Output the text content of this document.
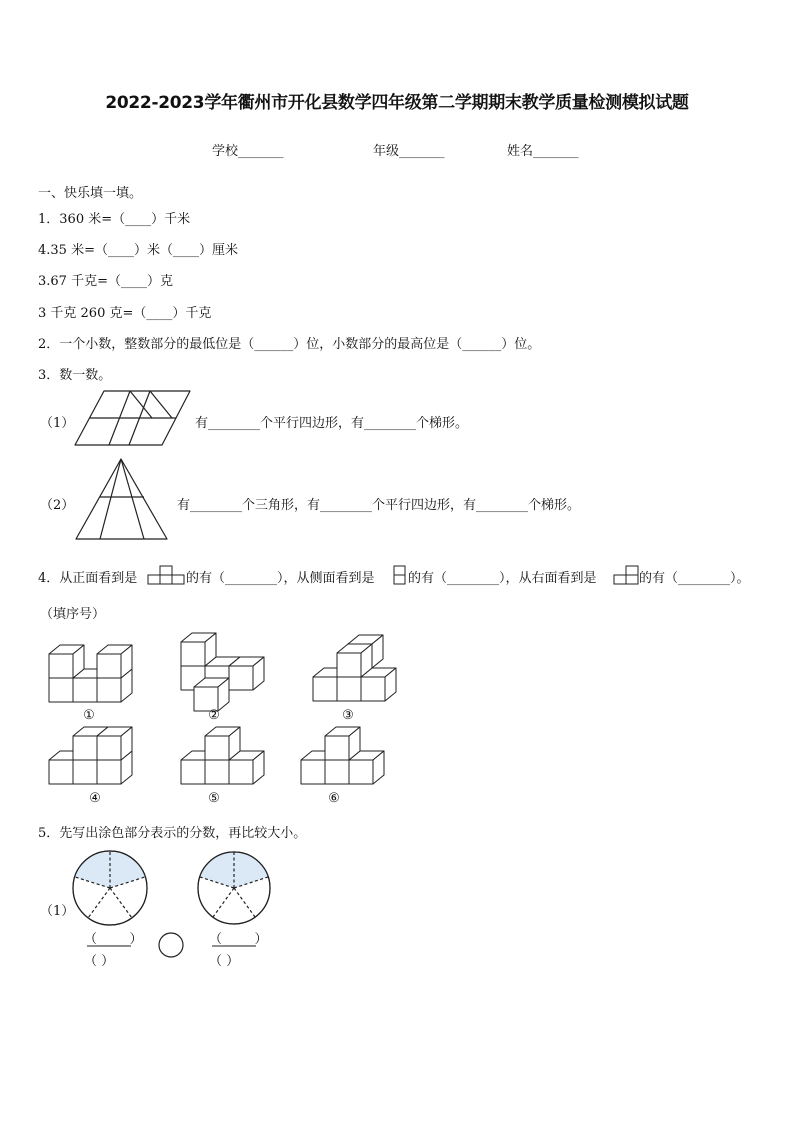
2022-2023学年衢州市开化县数学四年级第二学期期末教学质量检测模拟试题
学校_______	年级_______	姓名_______
一、快乐填一填。
1．360 米=（____）千米
4.35 米=（____）米（____）厘米
3.67 千克=（____）克
3 千克 260 克=（____）千克
2．一个小数，整数部分的最低位是（______）位，小数部分的最高位是（______）位。
3．数一数。
（1）	有________个平行四边形，有________个梯形。
（2）	有________个三角形，有________个平行四边形，有________个梯形。
4．从正面看到是	的有（________），从侧面看到是	的有（________），从右面看到是	的有（________）。
（填序号）
①	②	③
④	⑤	⑥
5．先写出涂色部分表示的分数，再比较大小。
（1）
（_____）
（ ）
（_____）
（ ）
